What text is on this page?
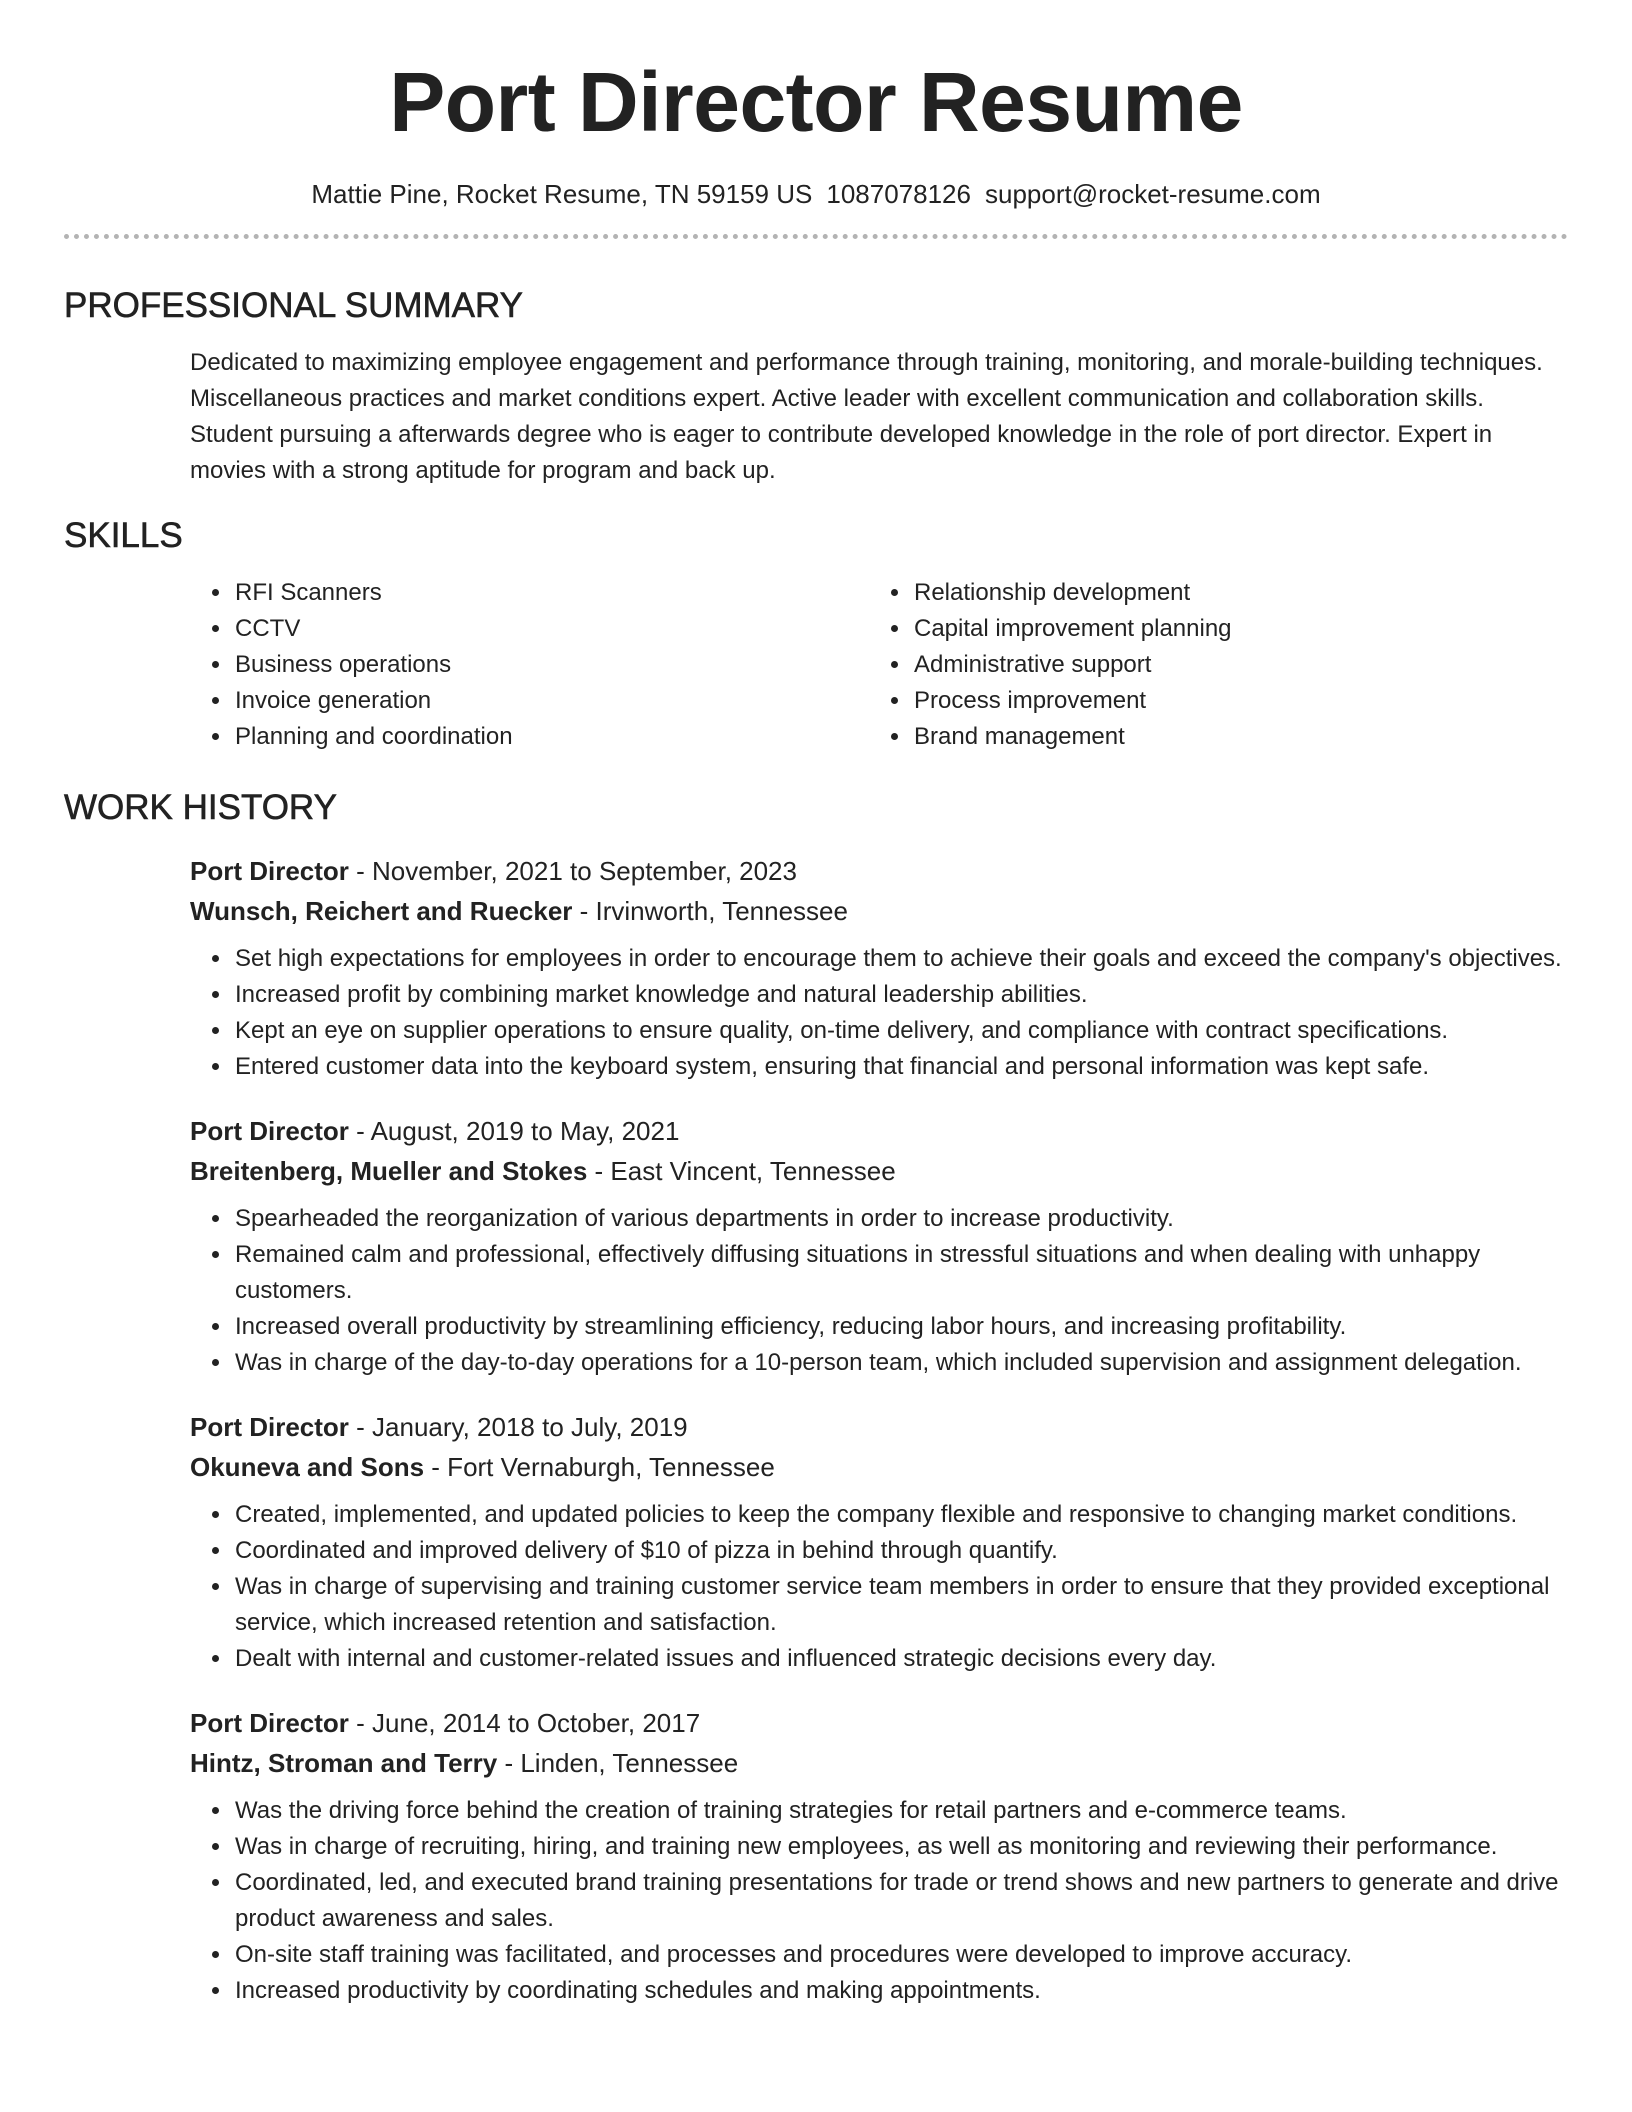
Port Director Resume
Mattie Pine, Rocket Resume, TN 59159 US 1087078126 support@rocket-resume.com
PROFESSIONAL SUMMARY

Dedicated to maximizing employee engagement and performance through training, monitoring, and morale-building techniques. Miscellaneous practices and market conditions expert. Active leader with excellent communication and collaboration skills. Student pursuing a afterwards degree who is eager to contribute developed knowledge in the role of port director. Expert in movies with a strong aptitude for program and back up.

SKILLS
• RFI Scanners
• CCTV
• Business operations
• Invoice generation
• Planning and coordination
• Relationship development
• Capital improvement planning
• Administrative support
• Process improvement
• Brand management
WORK HISTORY
Port Director - November, 2021 to September, 2023
Wunsch, Reichert and Ruecker - Irvinworth, Tennessee
• Set high expectations for employees in order to encourage them to achieve their goals and exceed the company's objectives.
• Increased profit by combining market knowledge and natural leadership abilities.
• Kept an eye on supplier operations to ensure quality, on-time delivery, and compliance with contract specifications.
• Entered customer data into the keyboard system, ensuring that financial and personal information was kept safe.
Port Director - August, 2019 to May, 2021
Breitenberg, Mueller and Stokes - East Vincent, Tennessee
• Spearheaded the reorganization of various departments in order to increase productivity.
• Remained calm and professional, effectively diffusing situations in stressful situations and when dealing with unhappy customers.
• Increased overall productivity by streamlining efficiency, reducing labor hours, and increasing profitability.
• Was in charge of the day-to-day operations for a 10-person team, which included supervision and assignment delegation.
Port Director - January, 2018 to July, 2019
Okuneva and Sons - Fort Vernaburgh, Tennessee
• Created, implemented, and updated policies to keep the company flexible and responsive to changing market conditions.
• Coordinated and improved delivery of $10 of pizza in behind through quantify.
• Was in charge of supervising and training customer service team members in order to ensure that they provided exceptional service, which increased retention and satisfaction.
• Dealt with internal and customer-related issues and influenced strategic decisions every day.
Port Director - June, 2014 to October, 2017
Hintz, Stroman and Terry - Linden, Tennessee
• Was the driving force behind the creation of training strategies for retail partners and e-commerce teams.
• Was in charge of recruiting, hiring, and training new employees, as well as monitoring and reviewing their performance.
• Coordinated, led, and executed brand training presentations for trade or trend shows and new partners to generate and drive product awareness and sales.
• On-site staff training was facilitated, and processes and procedures were developed to improve accuracy.
• Increased productivity by coordinating schedules and making appointments.
